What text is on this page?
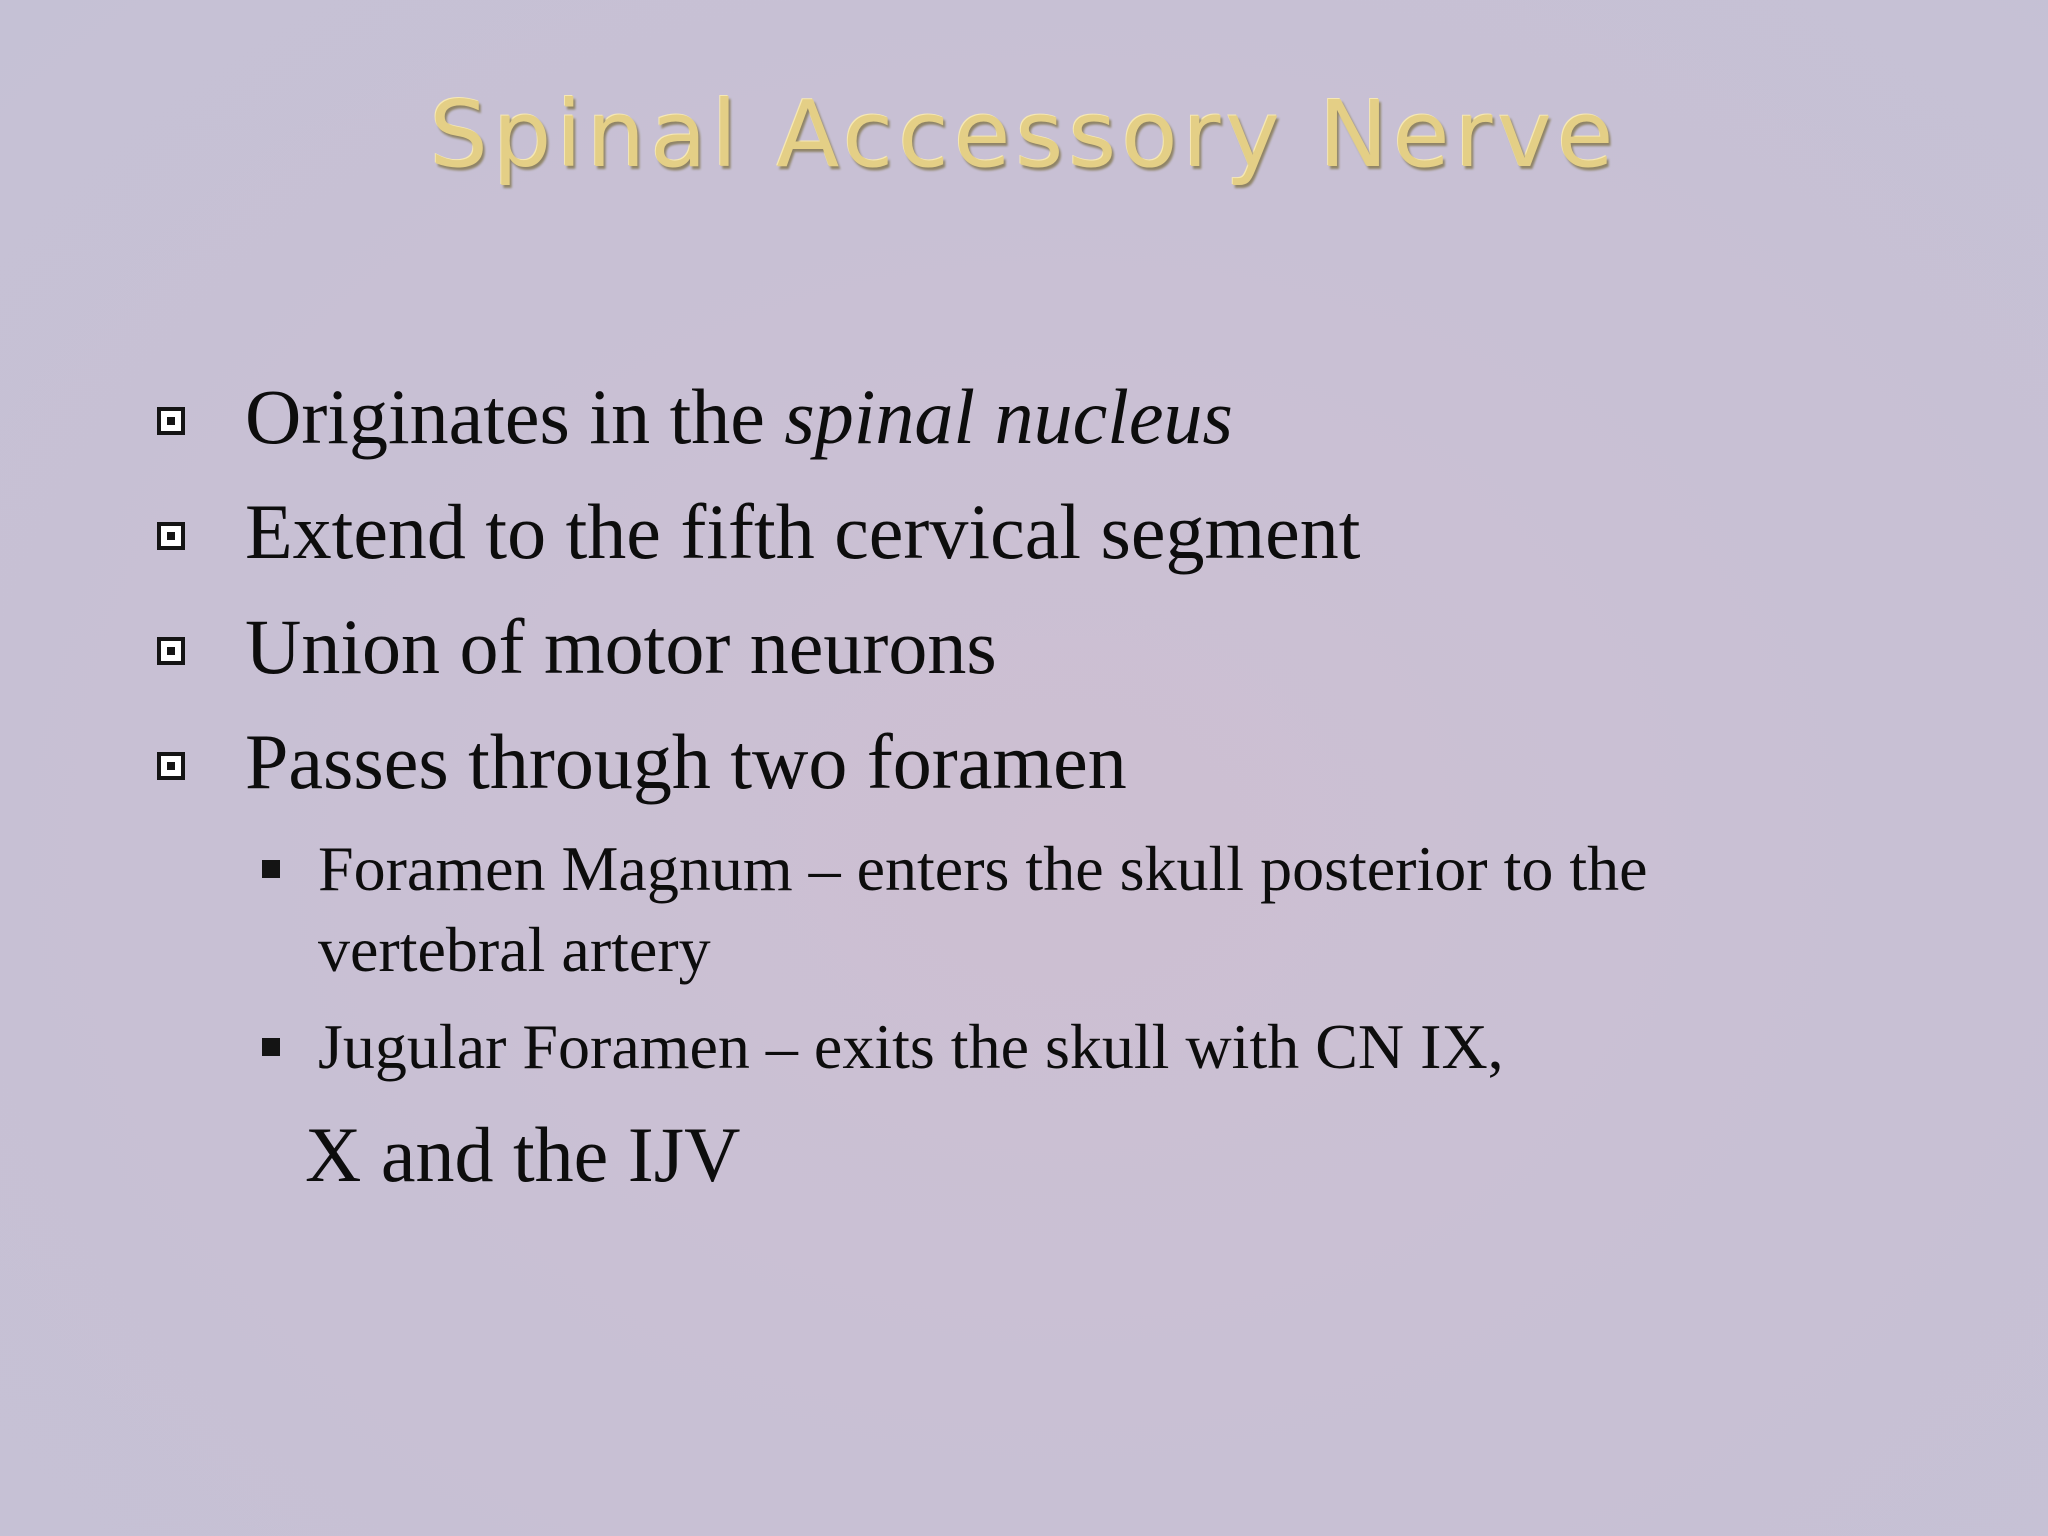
Spinal Accessory Nerve
Originates in the spinal nucleus
Extend to the fifth cervical segment
Union of motor neurons
Passes through two foramen
Foramen Magnum – enters the skull posterior to the
vertebral artery
Jugular Foramen – exits the skull with CN IX,
X and the IJV
